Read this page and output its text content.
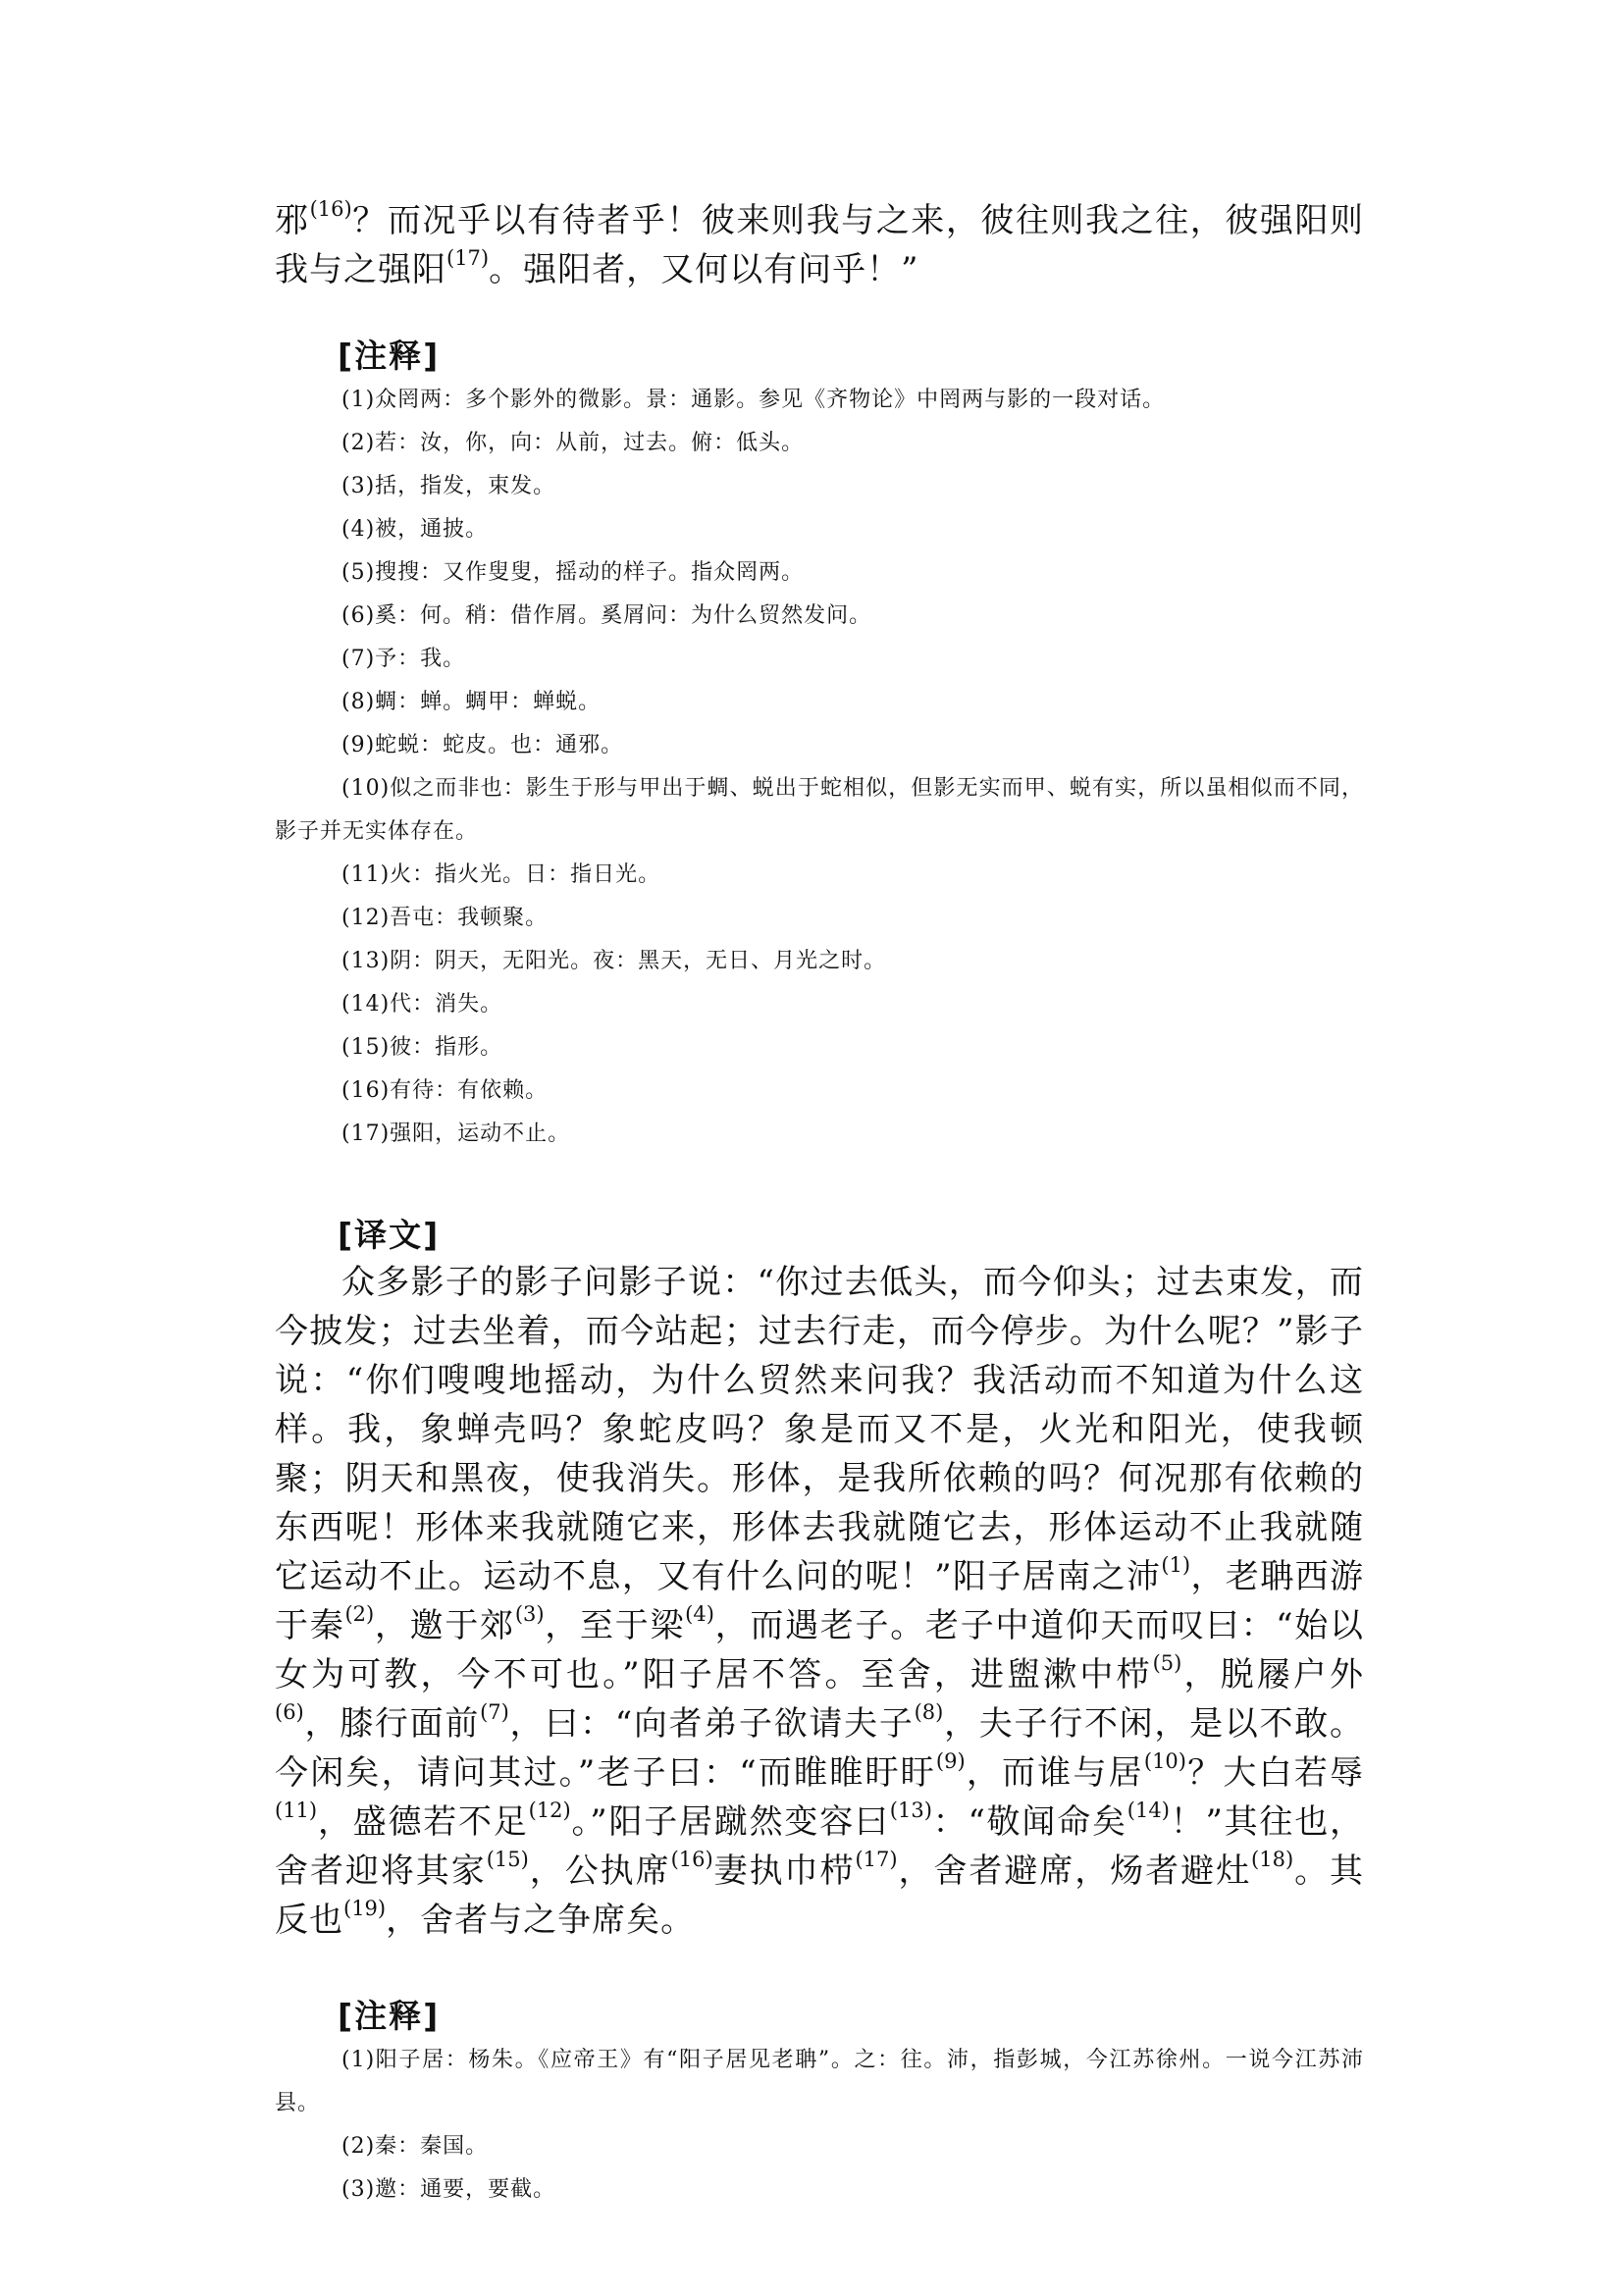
邪$^{(16)}$？而况乎以有待者乎！彼来则我与之来，彼往则我之往，彼强阳则我与之强阳$^{(17)}$。强阳者，又何以有问乎！”

[注释]
(1)众罔两：多个影外的微影。景：通影。参见《齐物论》中罔两与影的一段对话。
(2)若：汝，你，向：从前，过去。俯：低头。
(3)括，指发，束发。
(4)被，通披。
(5)搜搜：又作叟叟，摇动的样子。指众罔两。
(6)奚：何。稍：借作屑。奚屑问：为什么贸然发问。
(7)予：我。
(8)蜩：蝉。蜩甲：蝉蜕。
(9)蛇蜕：蛇皮。也：通邪。
(10)似之而非也：影生于形与甲出于蜩、蜕出于蛇相似，但影无实而甲、蜕有实，所以虽相似而不同，影子并无实体存在。
(11)火：指火光。日：指日光。
(12)吾屯：我顿聚。
(13)阴：阴天，无阳光。夜：黑天，无日、月光之时。
(14)代：消失。
(15)彼：指形。
(16)有待：有依赖。
(17)强阳，运动不止。
[译文]

众多影子的影子问影子说：“你过去低头，而今仰头；过去束发，而今披发；过去坐着，而今站起；过去行走，而今停步。为什么呢？”影子说：“你们嗖嗖地摇动，为什么贸然来问我？我活动而不知道为什么这样。我，象蝉壳吗？象蛇皮吗？象是而又不是，火光和阳光，使我顿聚；阴天和黑夜，使我消失。形体，是我所依赖的吗？何况那有依赖的东西呢！形体来我就随它来，形体去我就随它去，形体运动不止我就随它运动不止。运动不息，又有什么问的呢！”阳子居南之沛$^{(1)}$，老聃西游于秦$^{(2)}$，邀于郊$^{(3)}$，至于梁$^{(4)}$，而遇老子。老子中道仰天而叹曰：“始以女为可教，今不可也。”阳子居不答。至舍，进盥漱中栉$^{(5)}$，脱屦户外$^{(6)}$，膝行面前$^{(7)}$，曰：“向者弟子欲请夫子$^{(8)}$，夫子行不闲，是以不敢。今闲矣，请问其过。”老子曰：“而睢睢盱盱$^{(9)}$，而谁与居$^{(10)}$？大白若辱$^{(11)}$，盛德若不足$^{(12)}$。”阳子居蹴然变容曰$^{(13)}$：“敬闻命矣$^{(14)}$！”其往也，舍者迎将其家$^{(15)}$，公执席$^{(16)}$妻执巾栉$^{(17)}$，舍者避席，炀者避灶$^{(18)}$。其反也$^{(19)}$，舍者与之争席矣。

[注释]
(1)阳子居：杨朱。《应帝王》有“阳子居见老聃”。之：往。沛，指彭城，今江苏徐州。一说今江苏沛县。
(2)秦：秦国。
(3)邀：通要，要截。
